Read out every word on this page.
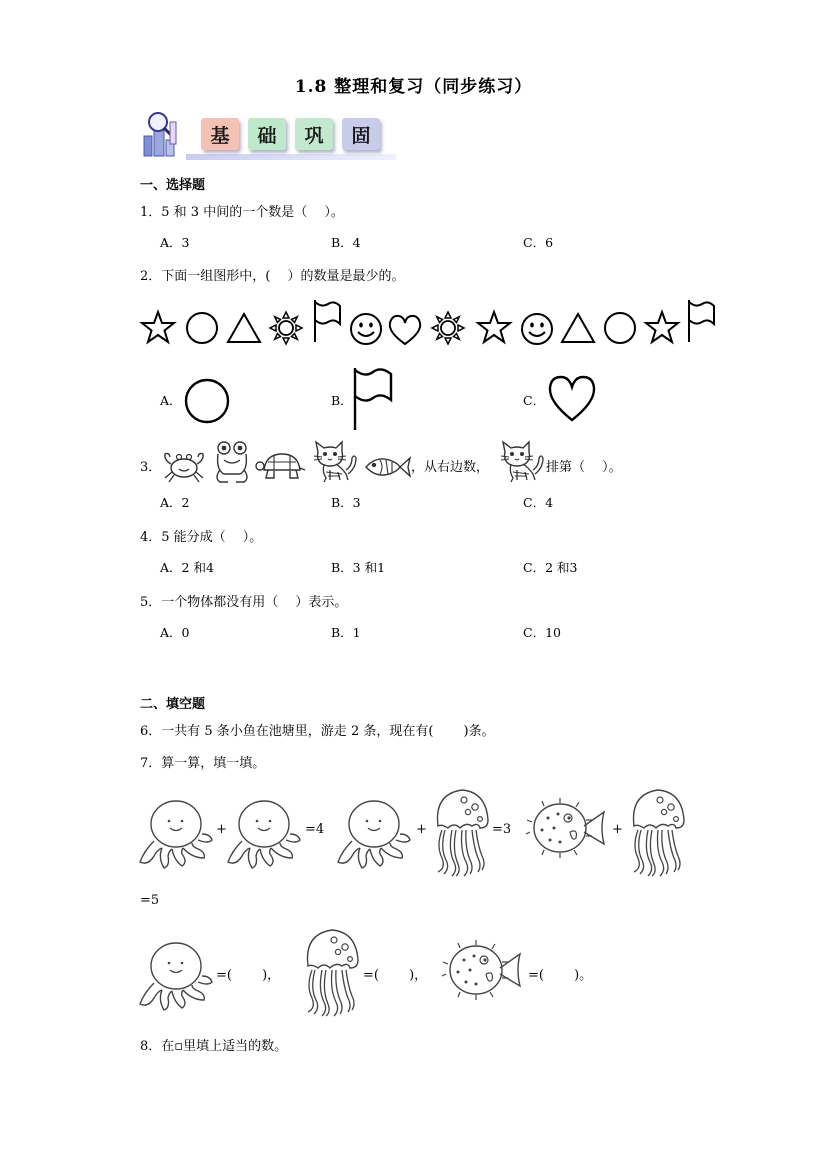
1.8 整理和复习（同步练习）
基	础	巩	固
一、选择题
1．5 和 3 中间的一个数是（　 ）。
A．3	B．4	C．6
2．下面一组图形中，(　 ）的数量是最少的。
A．	B．	C．
3．	，从右边数，	排第（　 ）。
A．2	B．3	C．4
4．5 能分成（　 ）。
A．2 和4	B．3 和1	C．2 和3
5．一个物体都没有用（　 ）表示。
A．0	B．1	C．10
二、填空题
6．一共有 5 条小鱼在池塘里，游走 2 条，现在有(　　 )条。
7．算一算，填一填。
+	=4	+	=3	+
=5
=(　　 )，	=(　　 )，	=(　　 )。
8．在▫里填上适当的数。
